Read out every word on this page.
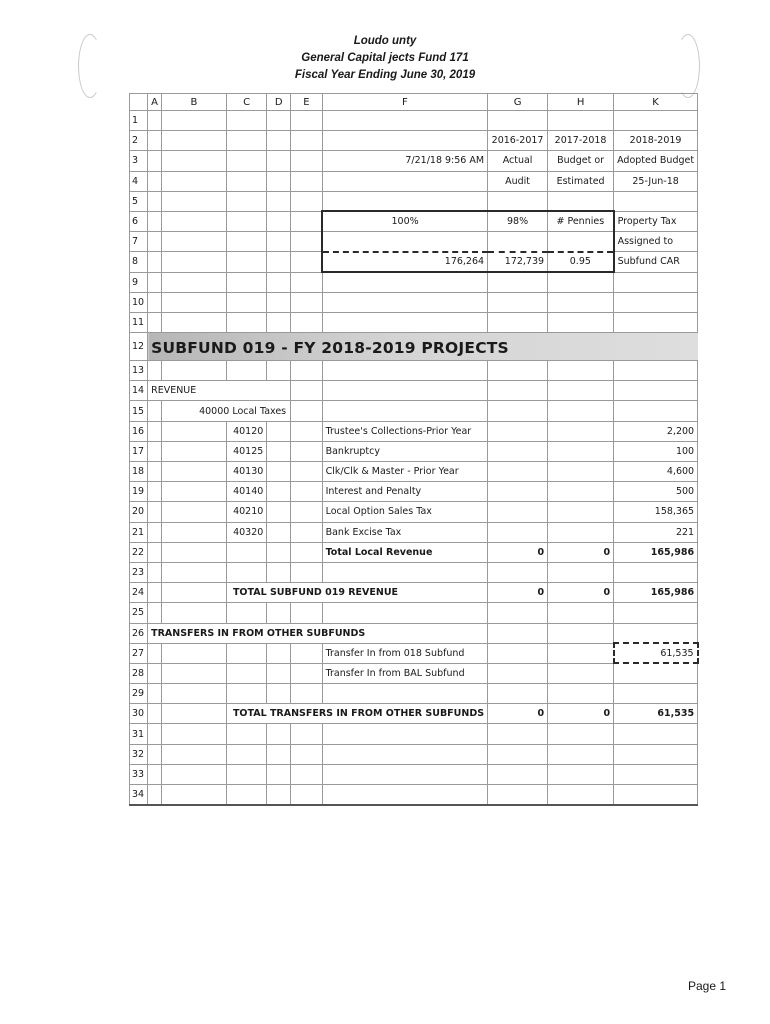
Loudo unty
General Capital jects Fund 171
Fiscal Year Ending June 30, 2019
	A	B	C	D	E	F	G	H	K
1									
2							2016-2017	2017-2018	2018-2019
3						7/21/18 9:56 AM	Actual	Budget or	Adopted Budget
4							Audit	Estimated	25-Jun-18
5									
6						100%	98%	# Pennies	Property Tax
7									Assigned to
8						176,264	172,739	0.95	Subfund CAR
9									
10									
11									
12	SUBFUND 019 - FY 2018-2019 PROJECTS								
13									
14	REVENUE								
15		40000 Local Taxes							
16			40120			Trustee's Collections-Prior Year			2,200
17			40125			Bankruptcy			100
18			40130			Clk/Clk & Master - Prior Year			4,600
19			40140			Interest and Penalty			500
20			40210			Local Option Sales Tax			158,365
21			40320			Bank Excise Tax			221
22						Total Local Revenue	0	0	165,986
23									
24			TOTAL SUBFUND 019 REVENUE				0	0	165,986
25									
26	TRANSFERS IN FROM OTHER SUBFUNDS								
27						Transfer In from 018 Subfund			61,535
28						Transfer In from BAL Subfund			
29									
30			TOTAL TRANSFERS IN FROM OTHER SUBFUNDS				0	0	61,535
31									
32									
33									
34									
Page 1
